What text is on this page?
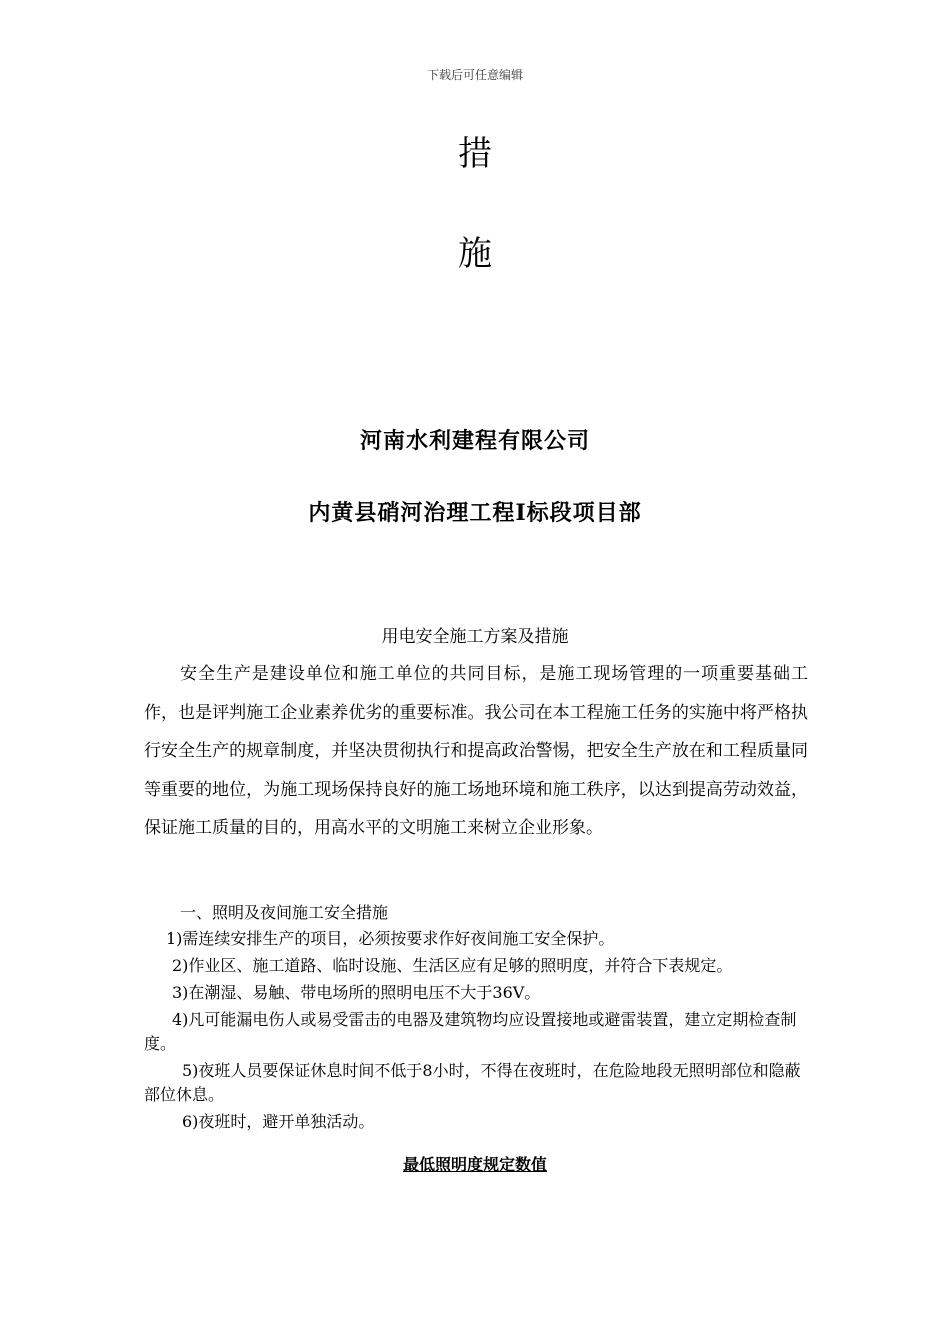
下载后可任意编辑
措
施
河南水利建程有限公司
内黄县硝河治理工程I标段项目部
用电安全施工方案及措施

安全生产是建设单位和施工单位的共同目标，是施工现场管理的一项重要基础工作，也是评判施工企业素养优劣的重要标准。我公司在本工程施工任务的实施中将严格执行安全生产的规章制度，并坚决贯彻执行和提高政治警惕，把安全生产放在和工程质量同等重要的地位，为施工现场保持良好的施工场地环境和施工秩序，以达到提高劳动效益，保证施工质量的目的，用高水平的文明施工来树立企业形象。

一、照明及夜间施工安全措施

1)需连续安排生产的项目，必须按要求作好夜间施工安全保护。

2)作业区、施工道路、临时设施、生活区应有足够的照明度，并符合下表规定。

3)在潮湿、易触、带电场所的照明电压不大于36V。

4)凡可能漏电伤人或易受雷击的电器及建筑物均应设置接地或避雷装置，建立定期检查制度。

5)夜班人员要保证休息时间不低于8小时，不得在夜班时，在危险地段无照明部位和隐蔽部位休息。

6)夜班时，避开单独活动。

最低照明度规定数值
